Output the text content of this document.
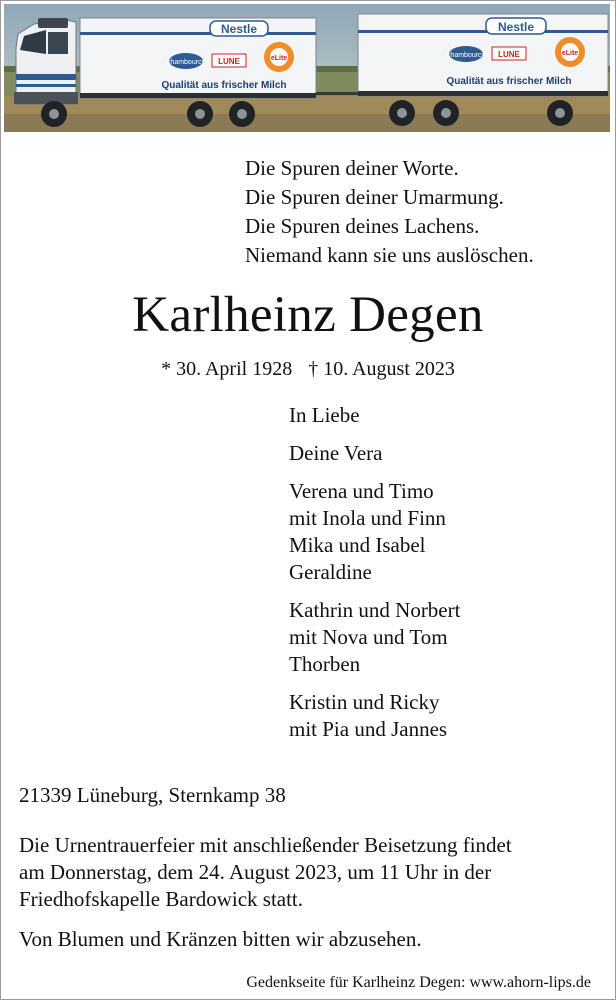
Nestle
chambourcy LUNE	eLite
Qualität aus frischer Milch
Nestle
chambourcy LUNE	eLite
Qualität aus frischer Milch
Die Spuren deiner Worte.
Die Spuren deiner Umarmung.
Die Spuren deines Lachens.
Niemand kann sie uns auslöschen.
Karlheinz Degen
* 30. April 1928 † 10. August 2023
In Liebe
Deine Vera
Verena und Timo
mit Inola und Finn
Mika und Isabel
Geraldine
Kathrin und Norbert
mit Nova und Tom
Thorben
Kristin und Ricky
mit Pia und Jannes
21339 Lüneburg, Sternkamp 38
Die Urnentrauerfeier mit anschließender Beisetzung findet
am Donnerstag, dem 24. August 2023, um 11 Uhr in der
Friedhofskapelle Bardowick statt.
Von Blumen und Kränzen bitten wir abzusehen.
Gedenkseite für Karlheinz Degen: www.ahorn-lips.de
